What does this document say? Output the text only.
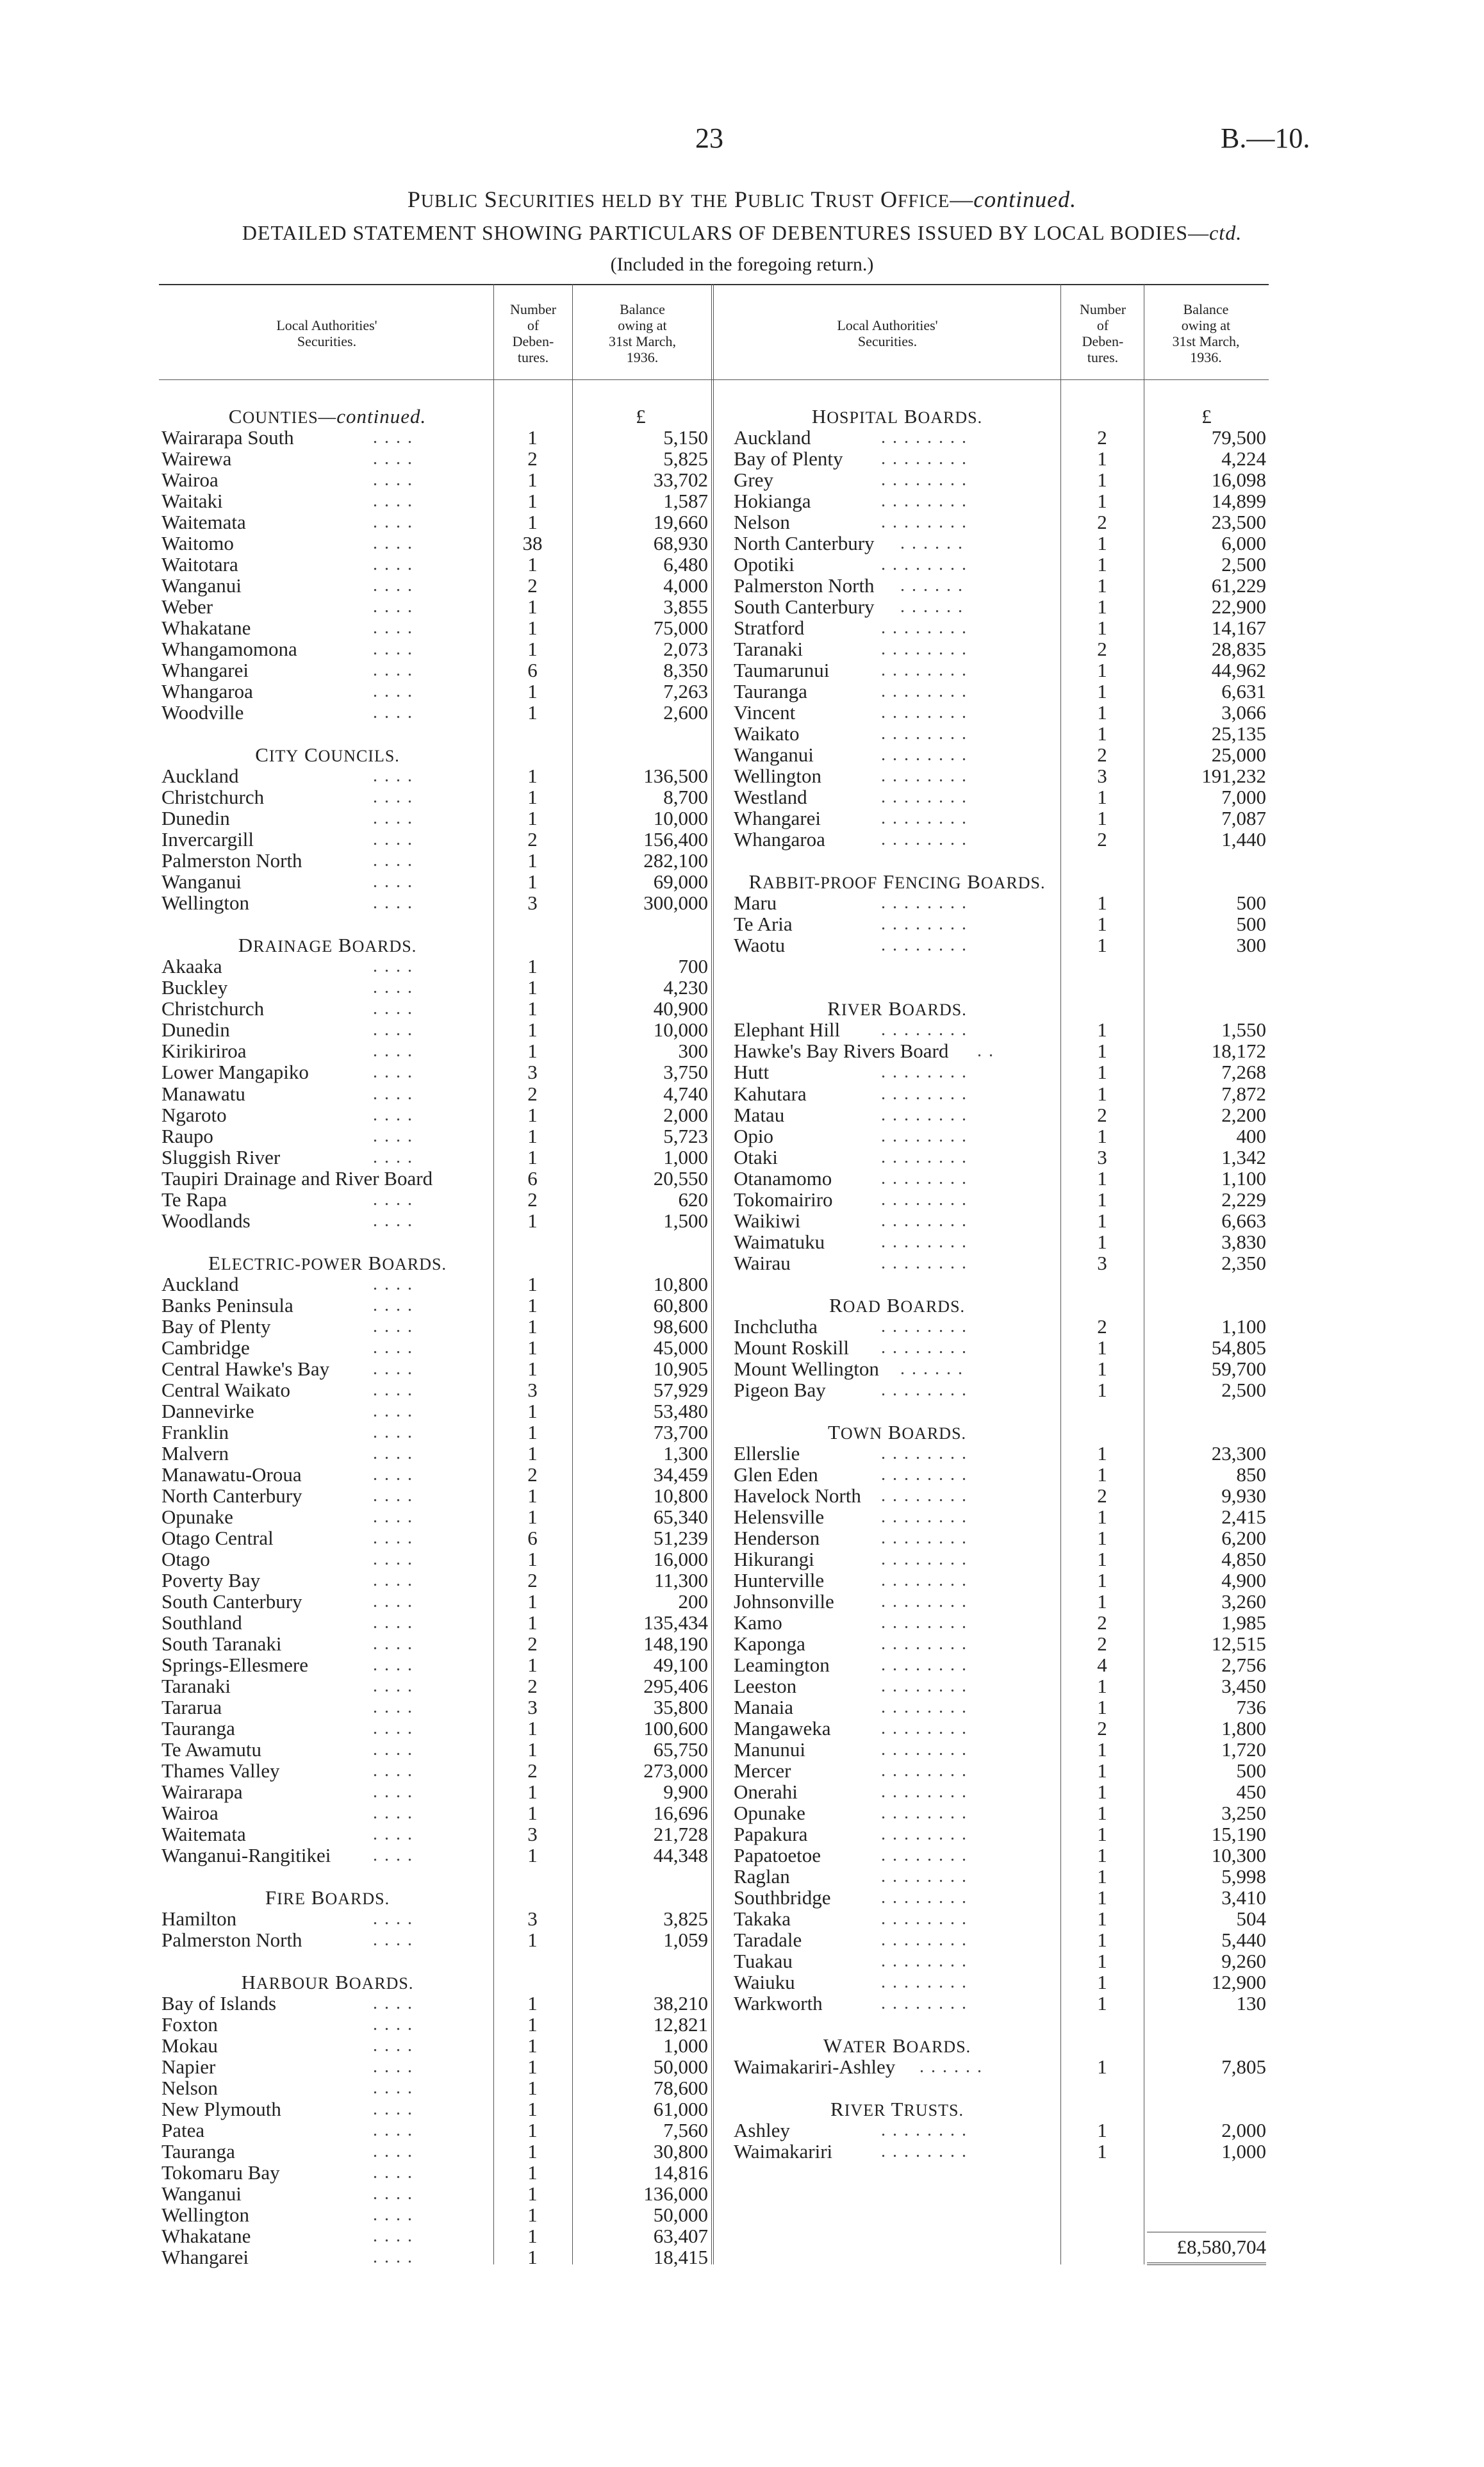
23	B.—10.
PUBLIC SECURITIES HELD BY THE PUBLIC TRUST OFFICE—continued.
DETAILED STATEMENT SHOWING PARTICULARS OF DEBENTURES ISSUED BY LOCAL BODIES—ctd.
(Included in the foregoing return.)
Local Authorities'
Securities.
Number
of
Deben-
tures.
Balance
owing at
31st March,
1936.
Local Authorities'
Securities.
Number
of
Deben-
tures.
Balance
owing at
31st March,
1936.
COUNTIES—continued.	£
Wairarapa South	. . . .	1	5,150
Wairewa	. . . .	2	5,825
Wairoa	. . . .	1	33,702
Waitaki	. . . .	1	1,587
Waitemata	. . . .	1	19,660
Waitomo	. . . .	38	68,930
Waitotara	. . . .	1	6,480
Wanganui	. . . .	2	4,000
Weber	. . . .	1	3,855
Whakatane	. . . .	1	75,000
Whangamomona	. . . .	1	2,073
Whangarei	. . . .	6	8,350
Whangaroa	. . . .	1	7,263
Woodville	. . . .	1	2,600
CITY COUNCILS.
Auckland	. . . .	1	136,500
Christchurch	. . . .	1	8,700
Dunedin	. . . .	1	10,000
Invercargill	. . . .	2	156,400
Palmerston North	. . . .	1	282,100
Wanganui	. . . .	1	69,000
Wellington	. . . .	3	300,000
DRAINAGE BOARDS.
Akaaka	. . . .	1	700
Buckley	. . . .	1	4,230
Christchurch	. . . .	1	40,900
Dunedin	. . . .	1	10,000
Kirikiriroa	. . . .	1	300
Lower Mangapiko	. . . .	3	3,750
Manawatu	. . . .	2	4,740
Ngaroto	. . . .	1	2,000
Raupo	. . . .	1	5,723
Sluggish River	. . . .	1	1,000
Taupiri Drainage and River Board	6	20,550
Te Rapa	. . . .	2	620
Woodlands	. . . .	1	1,500
ELECTRIC-POWER BOARDS.
Auckland	. . . .	1	10,800
Banks Peninsula	. . . .	1	60,800
Bay of Plenty	. . . .	1	98,600
Cambridge	. . . .	1	45,000
Central Hawke's Bay . . . .	1	10,905
Central Waikato	. . . .	3	57,929
Dannevirke	. . . .	1	53,480
Franklin	. . . .	1	73,700
Malvern	. . . .	1	1,300
Manawatu-Oroua	. . . .	2	34,459
North Canterbury	. . . .	1	10,800
Opunake	. . . .	1	65,340
Otago Central	. . . .	6	51,239
Otago	. . . .	1	16,000
Poverty Bay	. . . .	2	11,300
South Canterbury	. . . .	1	200
Southland	. . . .	1	135,434
South Taranaki	. . . .	2	148,190
Springs-Ellesmere	. . . .	1	49,100
Taranaki	. . . .	2	295,406
Tararua	. . . .	3	35,800
Tauranga	. . . .	1	100,600
Te Awamutu	. . . .	1	65,750
Thames Valley	. . . .	2	273,000
Wairarapa	. . . .	1	9,900
Wairoa	. . . .	1	16,696
Waitemata	. . . .	3	21,728
Wanganui-Rangitikei . . . .	1	44,348
FIRE BOARDS.
Hamilton	. . . .	3	3,825
Palmerston North	. . . .	1	1,059
HARBOUR BOARDS.
Bay of Islands	. . . .	1	38,210
Foxton	. . . .	1	12,821
Mokau	. . . .	1	1,000
Napier	. . . .	1	50,000
Nelson	. . . .	1	78,600
New Plymouth	. . . .	1	61,000
Patea	. . . .	1	7,560
Tauranga	. . . .	1	30,800
Tokomaru Bay	. . . .	1	14,816
Wanganui	. . . .	1	136,000
Wellington	. . . .	1	50,000
Whakatane	. . . .	1	63,407
Whangarei	. . . .	1	18,415
HOSPITAL BOARDS.	£
Auckland	. . . . . . . .	2	79,500
Bay of Plenty . . . . . . . .	1	4,224
Grey	. . . . . . . .	1	16,098
Hokianga	. . . . . . . .	1	14,899
Nelson	. . . . . . . .	2	23,500
North Canterbury . . . . . .	1	6,000
Opotiki	. . . . . . . .	1	2,500
Palmerston North . . . . . .	1	61,229
South Canterbury . . . . . .	1	22,900
Stratford	. . . . . . . .	1	14,167
Taranaki	. . . . . . . .	2	28,835
Taumarunui	. . . . . . . .	1	44,962
Tauranga	. . . . . . . .	1	6,631
Vincent	. . . . . . . .	1	3,066
Waikato	. . . . . . . .	1	25,135
Wanganui	. . . . . . . .	2	25,000
Wellington	. . . . . . . .	3	191,232
Westland	. . . . . . . .	1	7,000
Whangarei	. . . . . . . .	1	7,087
Whangaroa	. . . . . . . .	2	1,440
RABBIT-PROOF FENCING BOARDS.
Maru	. . . . . . . .	1	500
Te Aria	. . . . . . . .	1	500
Waotu	. . . . . . . .	1	300
RIVER BOARDS.
Elephant Hill . . . . . . . .	1	1,550
Hawke's Bay Rivers Board . .	1	18,172
Hutt	. . . . . . . .	1	7,268
Kahutara	. . . . . . . .	1	7,872
Matau	. . . . . . . .	2	2,200
Opio	. . . . . . . .	1	400
Otaki	. . . . . . . .	3	1,342
Otanamomo	. . . . . . . .	1	1,100
Tokomairiro	. . . . . . . .	1	2,229
Waikiwi	. . . . . . . .	1	6,663
Waimatuku	. . . . . . . .	1	3,830
Wairau	. . . . . . . .	3	2,350
ROAD BOARDS.
Inchclutha	. . . . . . . .	2	1,100
Mount Roskill . . . . . . . .	1	54,805
Mount Wellington . . . . . .	1	59,700
Pigeon Bay	. . . . . . . .	1	2,500
TOWN BOARDS.
Ellerslie	. . . . . . . .	1	23,300
Glen Eden	. . . . . . . .	1	850
Havelock North . . . . . . . .	2	9,930
Helensville	. . . . . . . .	1	2,415
Henderson	. . . . . . . .	1	6,200
Hikurangi	. . . . . . . .	1	4,850
Hunterville	. . . . . . . .	1	4,900
Johnsonville	. . . . . . . .	1	3,260
Kamo	. . . . . . . .	2	1,985
Kaponga	. . . . . . . .	2	12,515
Leamington	. . . . . . . .	4	2,756
Leeston	. . . . . . . .	1	3,450
Manaia	. . . . . . . .	1	736
Mangaweka	. . . . . . . .	2	1,800
Manunui	. . . . . . . .	1	1,720
Mercer	. . . . . . . .	1	500
Onerahi	. . . . . . . .	1	450
Opunake	. . . . . . . .	1	3,250
Papakura	. . . . . . . .	1	15,190
Papatoetoe	. . . . . . . .	1	10,300
Raglan	. . . . . . . .	1	5,998
Southbridge	. . . . . . . .	1	3,410
Takaka	. . . . . . . .	1	504
Taradale	. . . . . . . .	1	5,440
Tuakau	. . . . . . . .	1	9,260
Waiuku	. . . . . . . .	1	12,900
Warkworth	. . . . . . . .	1	130
WATER BOARDS.
Waimakariri-Ashley . . . . . .	1	7,805
RIVER TRUSTS.
Ashley	. . . . . . . .	1	2,000
Waimakariri	. . . . . . . .	1	1,000
£8,580,704
